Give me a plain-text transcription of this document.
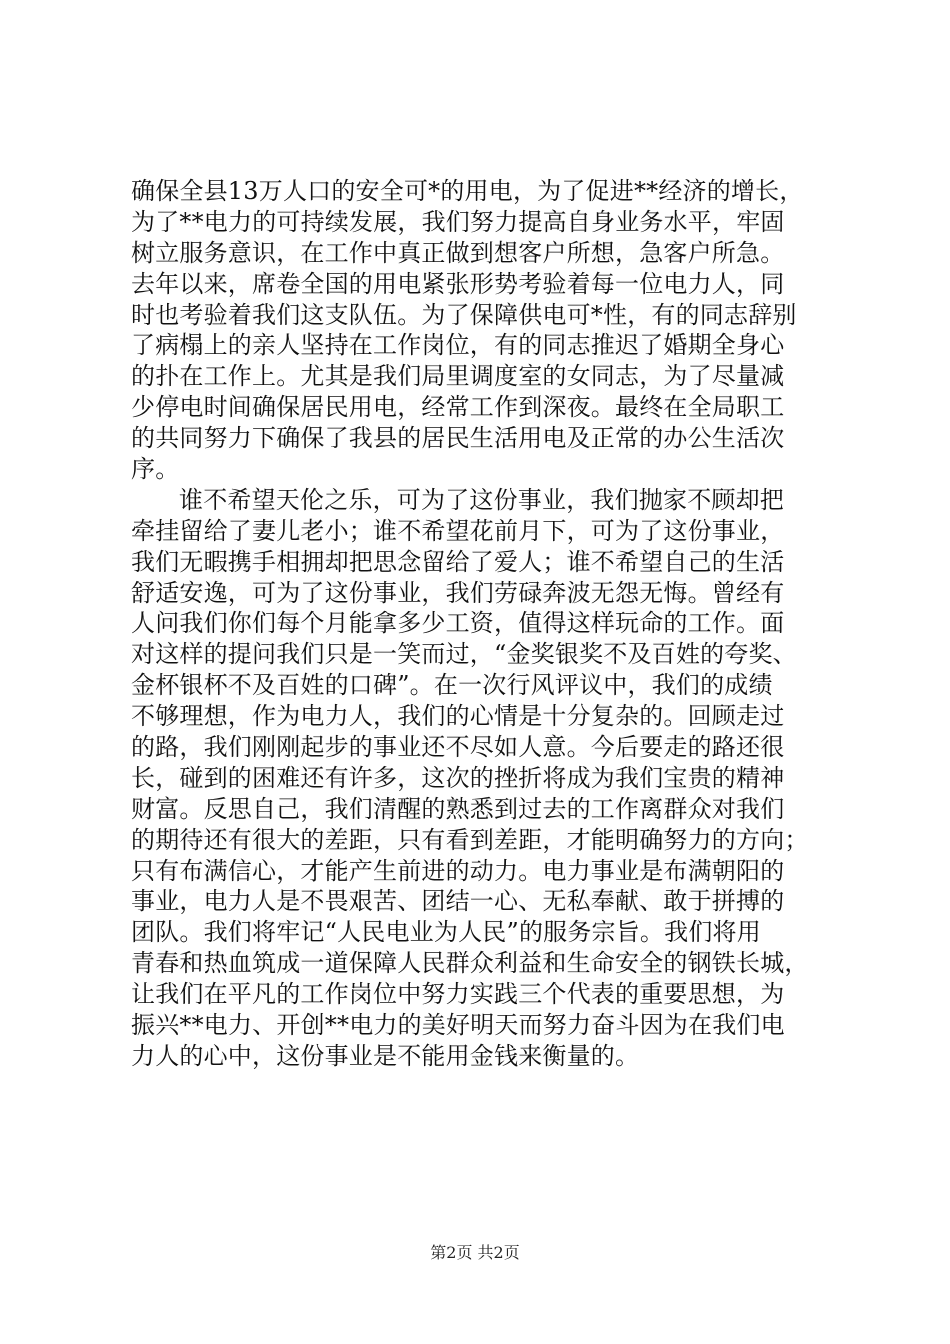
确保全县13万人口的安全可*的用电，为了促进**经济的增长，
为了**电力的可持续发展，我们努力提高自身业务水平，牢固
树立服务意识，在工作中真正做到想客户所想，急客户所急。
去年以来，席卷全国的用电紧张形势考验着每一位电力人，同
时也考验着我们这支队伍。为了保障供电可*性，有的同志辞别
了病榻上的亲人坚持在工作岗位，有的同志推迟了婚期全身心
的扑在工作上。尤其是我们局里调度室的女同志，为了尽量减
少停电时间确保居民用电，经常工作到深夜。最终在全局职工
的共同努力下确保了我县的居民生活用电及正常的办公生活次
序。
谁不希望天伦之乐，可为了这份事业，我们抛家不顾却把
牵挂留给了妻儿老小；谁不希望花前月下，可为了这份事业，
我们无暇携手相拥却把思念留给了爱人；谁不希望自己的生活
舒适安逸，可为了这份事业，我们劳碌奔波无怨无悔。曾经有
人问我们你们每个月能拿多少工资，值得这样玩命的工作。面
对这样的提问我们只是一笑而过，“金奖银奖不及百姓的夸奖、
金杯银杯不及百姓的口碑”。在一次行风评议中，我们的成绩
不够理想，作为电力人，我们的心情是十分复杂的。回顾走过
的路，我们刚刚起步的事业还不尽如人意。今后要走的路还很
长，碰到的困难还有许多，这次的挫折将成为我们宝贵的精神
财富。反思自己，我们清醒的熟悉到过去的工作离群众对我们
的期待还有很大的差距，只有看到差距，才能明确努力的方向；
只有布满信心，才能产生前进的动力。电力事业是布满朝阳的
事业，电力人是不畏艰苦、团结一心、无私奉献、敢于拼搏的
团队。我们将牢记“人民电业为人民”的服务宗旨。我们将用
青春和热血筑成一道保障人民群众利益和生命安全的钢铁长城，
让我们在平凡的工作岗位中努力实践三个代表的重要思想，为
振兴**电力、开创**电力的美好明天而努力奋斗因为在我们电
力人的心中，这份事业是不能用金钱来衡量的。
第2页 共2页
